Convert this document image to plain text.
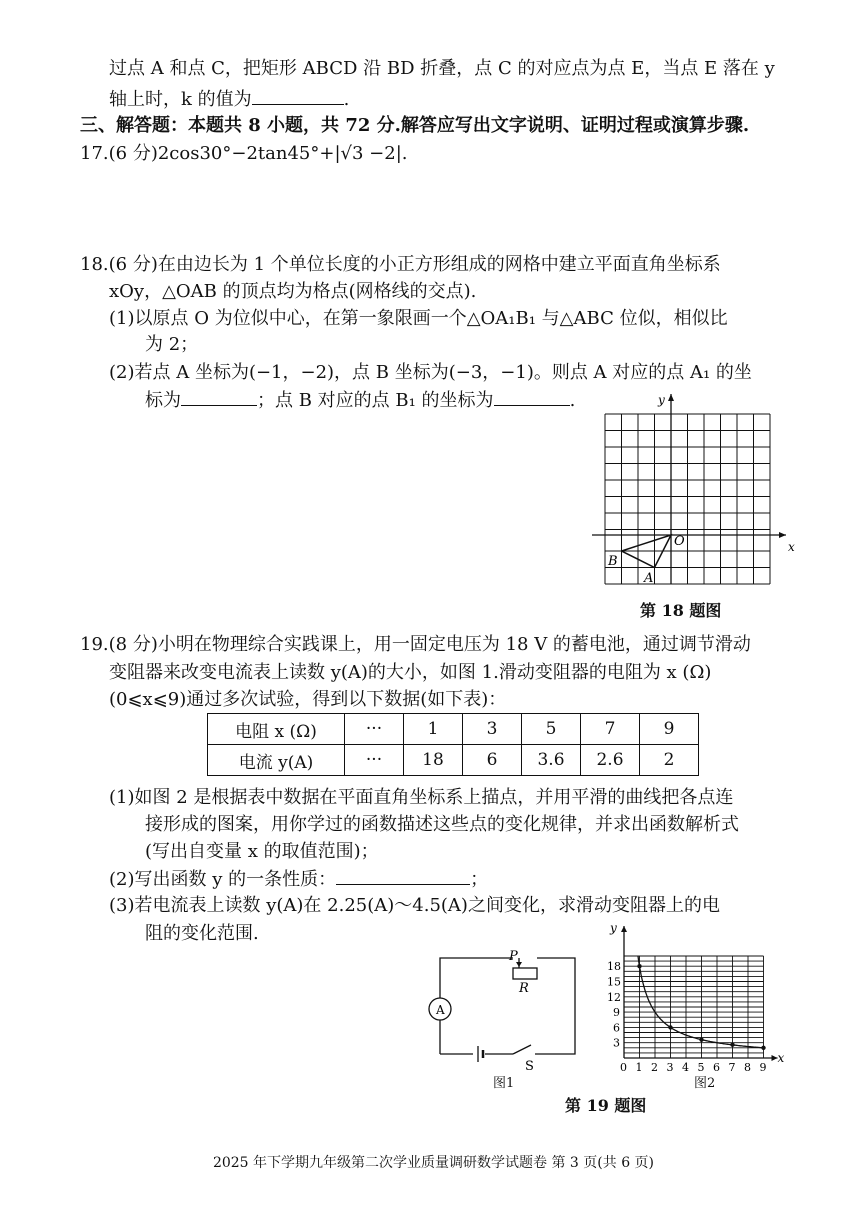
过点 A 和点 C，把矩形 ABCD 沿 BD 折叠，点 C 的对应点为点 E，当点 E 落在 y
轴上时，k 的值为	.
三、解答题：本题共 8 小题，共 72 分.解答应写出文字说明、证明过程或演算步骤.
17.(6 分)2cos30°−2tan45°+|√3 −2|.
18.(6 分)在由边长为 1 个单位长度的小正方形组成的网格中建立平面直角坐标系
xOy，△OAB 的顶点均为格点(网格线的交点).
(1)以原点 O 为位似中心，在第一象限画一个△OA₁B₁ 与△ABC 位似，相似比
为 2；
(2)若点 A 坐标为(−1，−2)，点 B 坐标为(−3，−1)。则点 A 对应的点 A₁ 的坐
标为	；点 B 对应的点 B₁ 的坐标为	.
x
y
O
A
B
第 18 题图
19.(8 分)小明在物理综合实践课上，用一固定电压为 18 V 的蓄电池，通过调节滑动
变阻器来改变电流表上读数 y(A)的大小，如图 1.滑动变阻器的电阻为 x (Ω)
(0⩽x⩽9)通过多次试验，得到以下数据(如下表)：
电阻 x (Ω)	···	1	3	5	7	9
电流 y(A)	···	18	6	3.6	2.6	2
(1)如图 2 是根据表中数据在平面直角坐标系上描点，并用平滑的曲线把各点连
接形成的图案，用你学过的函数描述这些点的变化规律，并求出函数解析式
(写出自变量 x 的取值范围)；
(2)写出函数 y 的一条性质：	；
(3)若电流表上读数 y(A)在 2.25(A)～4.5(A)之间变化，求滑动变阻器上的电
阻的变化范围.
A
P
R
S
图1
x
y
0 1 2 3 4 5 6 7 8 9
18
15
12
9
6
3
图2
第 19 题图
2025 年下学期九年级第二次学业质量调研数学试题卷 第 3 页(共 6 页)
